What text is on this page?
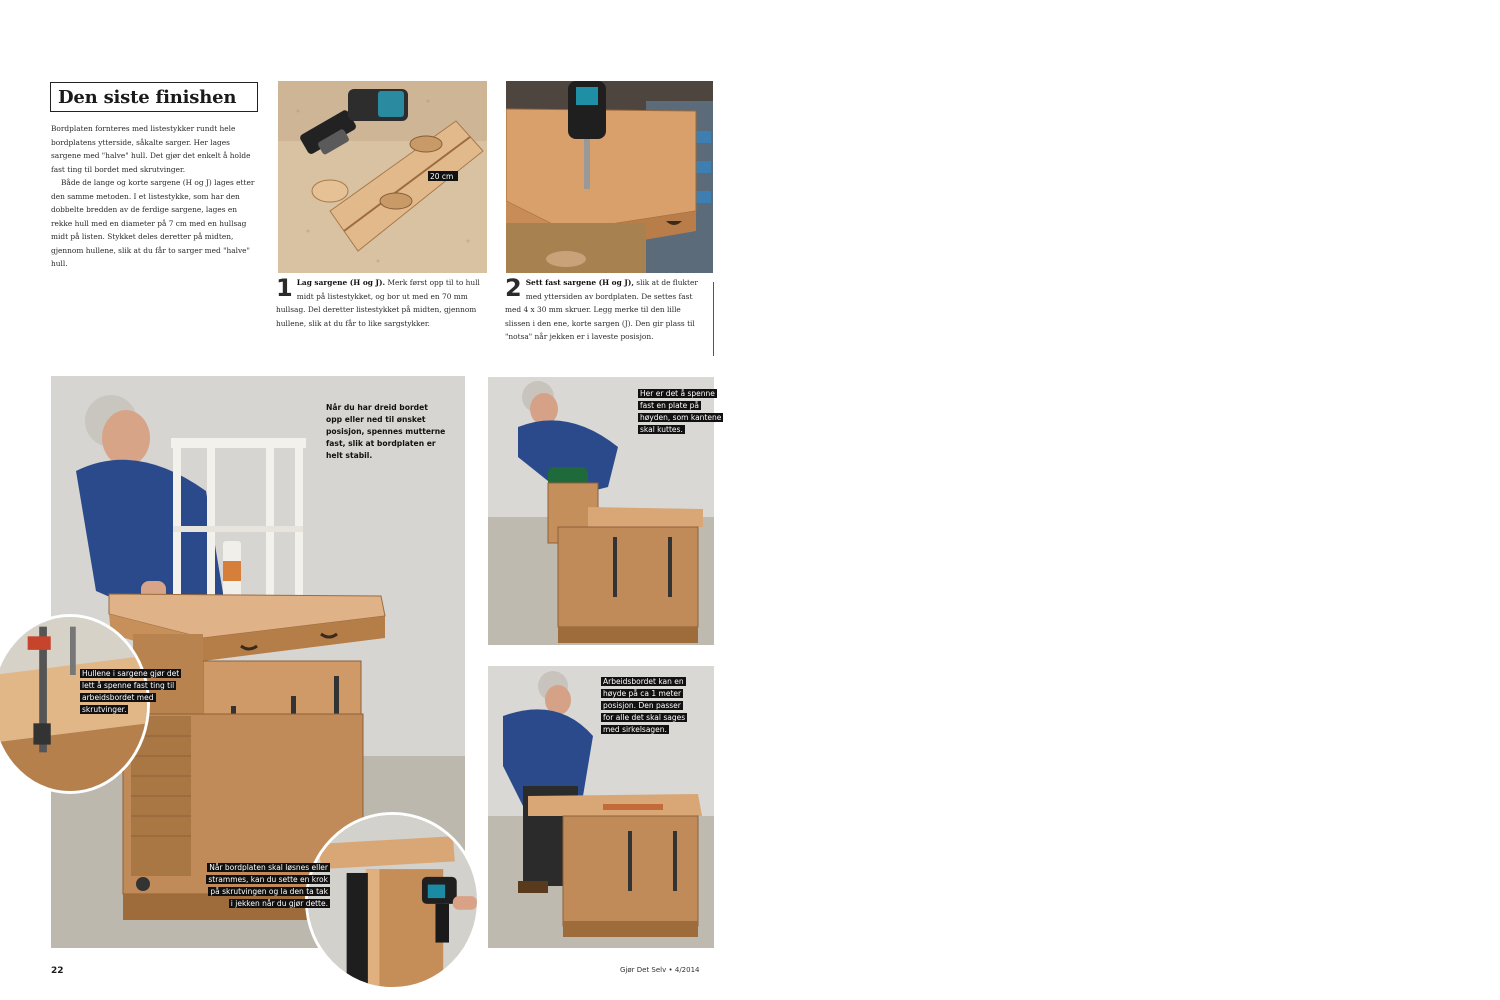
Den siste finishen

Bordplaten fornteres med listestykker rundt hele bordplatens ytterside, såkalte sarger. Her lages sargene med "halve" hull. Det gjør det enkelt å holde fast ting til bordet med skrutvinger.

Både de lange og korte sargene (H og J) lages etter den samme metoden. I et listestykke, som har den dobbelte bredden av de ferdige sargene, lages en rekke hull med en diameter på 7 cm med en hullsag midt på listen. Stykket deles deretter på midten, gjennom hullene, slik at du får to sarger med "halve" hull.

20 cm
1 Lag sargene (H og J). Merk først opp til to hull midt på listestykket, og bor ut med en 70 mm hullsag. Del deretter listestykket på midten, gjennom hullene, slik at du får to like sargstykker.
2 Sett fast sargene (H og J), slik at de flukter med yttersiden av bordplaten. De settes fast med 4 x 30 mm skruer. Legg merke til den lille slissen i den ene, korte sargen (J). Den gir plass til "notsa" når jekken er i laveste posisjon.
Når du har dreid bordet opp eller ned til ønsket posisjon, spennes mutterne fast, slik at bordplaten er helt stabil.
Hullene i sargene gjør det lett å spenne fast ting til arbeidsbordet med skrutvinger.
Når bordplaten skal løsnes eller strammes, kan du sette en krok på skrutvingen og la den ta tak i jekken når du gjør dette.
Her er det å spenne fast en plate på høyden, som kantene skal kuttes.
Arbeidsbordet kan en høyde på ca 1 meter posisjon. Den passer for alle det skal sages med sirkelsagen.
22	Gjør Det Selv • 4/2014
